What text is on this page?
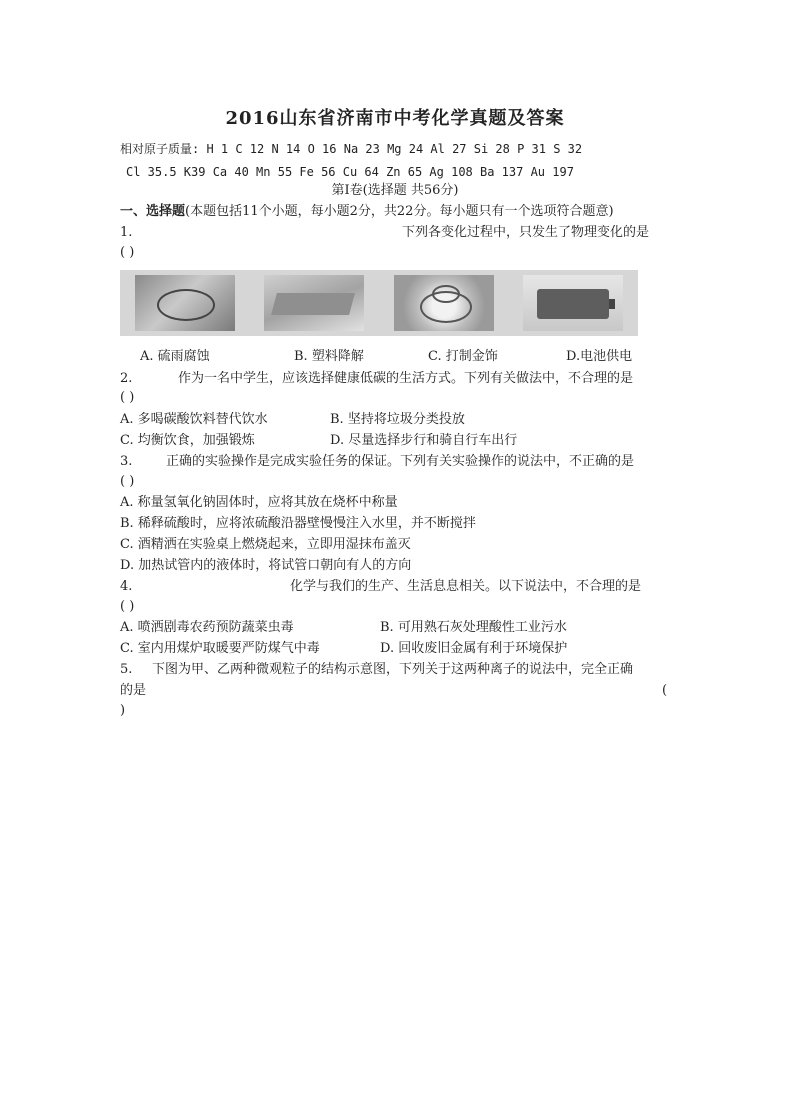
2016山东省济南市中考化学真题及答案
相对原子质量: H 1 C 12 N 14 O 16 Na 23 Mg 24 Al 27 Si 28 P 31 S 32
Cl 35.5 K39 Ca 40 Mn 55 Fe 56 Cu 64 Zn 65 Ag 108 Ba 137 Au 197
第Ⅰ卷(选择题 共56分)
一、选择题(本题包括11个小题，每小题2分，共22分。每小题只有一个选项符合题意)
1.	下列各变化过程中，只发生了物理变化的是
( )
A. 硫雨腐蚀	B. 塑料降解	C. 打制金饰	D.电池供电
2.	作为一名中学生，应该选择健康低碳的生活方式。下列有关做法中，不合理的是
( )
A. 多喝碳酸饮料替代饮水	B. 坚持将垃圾分类投放
C. 均衡饮食，加强锻炼	D. 尽量选择步行和骑自行车出行
3.	正确的实验操作是完成实验任务的保证。下列有关实验操作的说法中，不正确的是
( )
A. 称量氢氧化钠固体时，应将其放在烧杯中称量
B. 稀释硫酸时，应将浓硫酸沿器壁慢慢注入水里，并不断搅拌
C. 酒精洒在实验桌上燃烧起来，立即用湿抹布盖灭
D. 加热试管内的液体时，将试管口朝向有人的方向
4.	化学与我们的生产、生活息息相关。以下说法中，不合理的是
( )
A. 喷洒剧毒农药预防蔬菜虫毒	B. 可用熟石灰处理酸性工业污水
C. 室内用煤炉取暖要严防煤气中毒	D. 回收废旧金属有利于环境保护
5. 下图为甲、乙两种微观粒子的结构示意图，下列关于这两种离子的说法中，完全正确
的是	(
)
